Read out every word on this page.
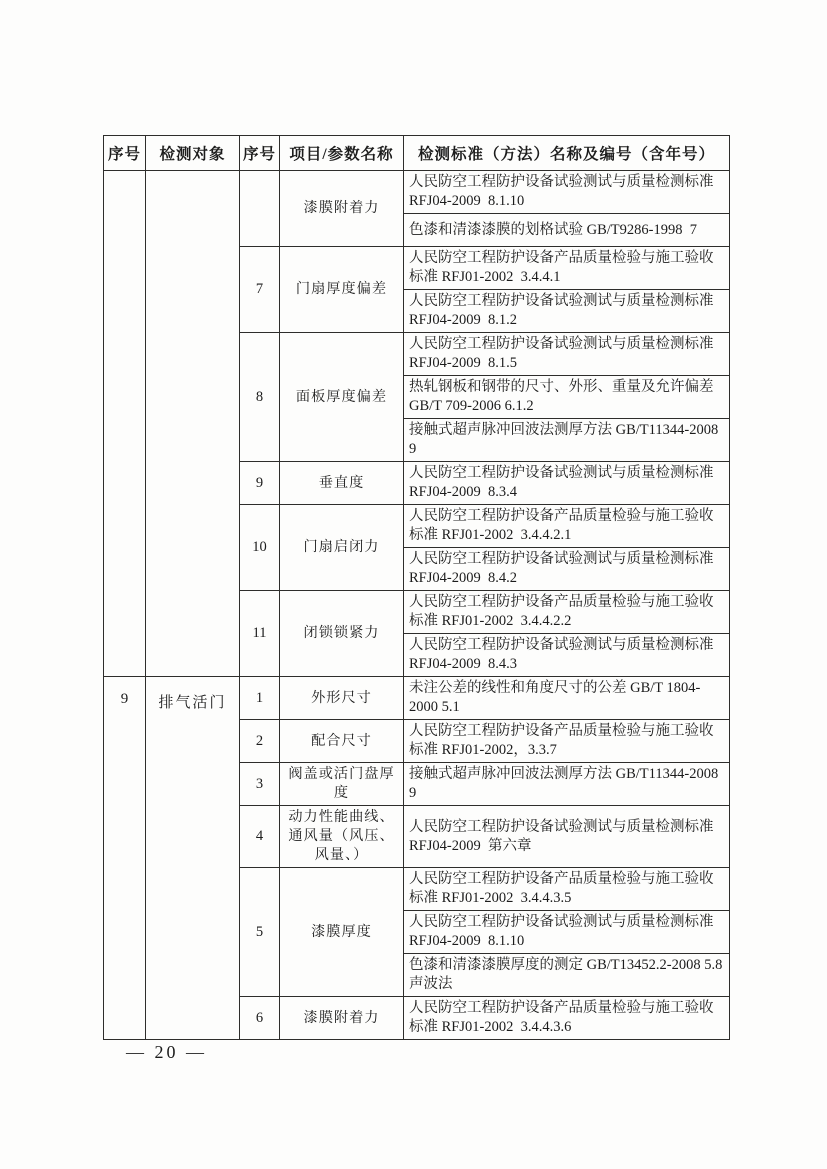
序号	检测对象	序号	项目/参数名称	检测标准（方法）名称及编号（含年号）
			漆膜附着力	人民防空工程防护设备试验测试与质量检测标准 RFJ04-2009  8.1.10
				色漆和清漆漆膜的划格试验 GB/T9286-1998  7
		7	门扇厚度偏差	人民防空工程防护设备产品质量检验与施工验收标准 RFJ01-2002  3.4.4.1
				人民防空工程防护设备试验测试与质量检测标准 RFJ04-2009  8.1.2
		8	面板厚度偏差	人民防空工程防护设备试验测试与质量检测标准 RFJ04-2009  8.1.5
				热轧钢板和钢带的尺寸、外形、重量及允许偏差 GB/T 709-2006 6.1.2
				接触式超声脉冲回波法测厚方法 GB/T11344-2008 9
		9	垂直度	人民防空工程防护设备试验测试与质量检测标准 RFJ04-2009  8.3.4
		10	门扇启闭力	人民防空工程防护设备产品质量检验与施工验收标准 RFJ01-2002  3.4.4.2.1
				人民防空工程防护设备试验测试与质量检测标准 RFJ04-2009  8.4.2
		11	闭锁锁紧力	人民防空工程防护设备产品质量检验与施工验收标准 RFJ01-2002  3.4.4.2.2
				人民防空工程防护设备试验测试与质量检测标准 RFJ04-2009  8.4.3
9	排气活门	1	外形尺寸	未注公差的线性和角度尺寸的公差 GB/T 1804-2000 5.1
		2	配合尺寸	人民防空工程防护设备产品质量检验与施工验收标准 RFJ01-2002，3.3.7
		3	阀盖或活门盘厚度	接触式超声脉冲回波法测厚方法 GB/T11344-2008 9
		4	动力性能曲线、通风量（风压、风量、）	人民防空工程防护设备试验测试与质量检测标准 RFJ04-2009  第六章
		5	漆膜厚度	人民防空工程防护设备产品质量检验与施工验收标准 RFJ01-2002  3.4.4.3.5
				人民防空工程防护设备试验测试与质量检测标准 RFJ04-2009  8.1.10
				色漆和清漆漆膜厚度的测定 GB/T13452.2-2008 5.8 声波法
		6	漆膜附着力	人民防空工程防护设备产品质量检验与施工验收标准 RFJ01-2002  3.4.4.3.6
— 20 —
